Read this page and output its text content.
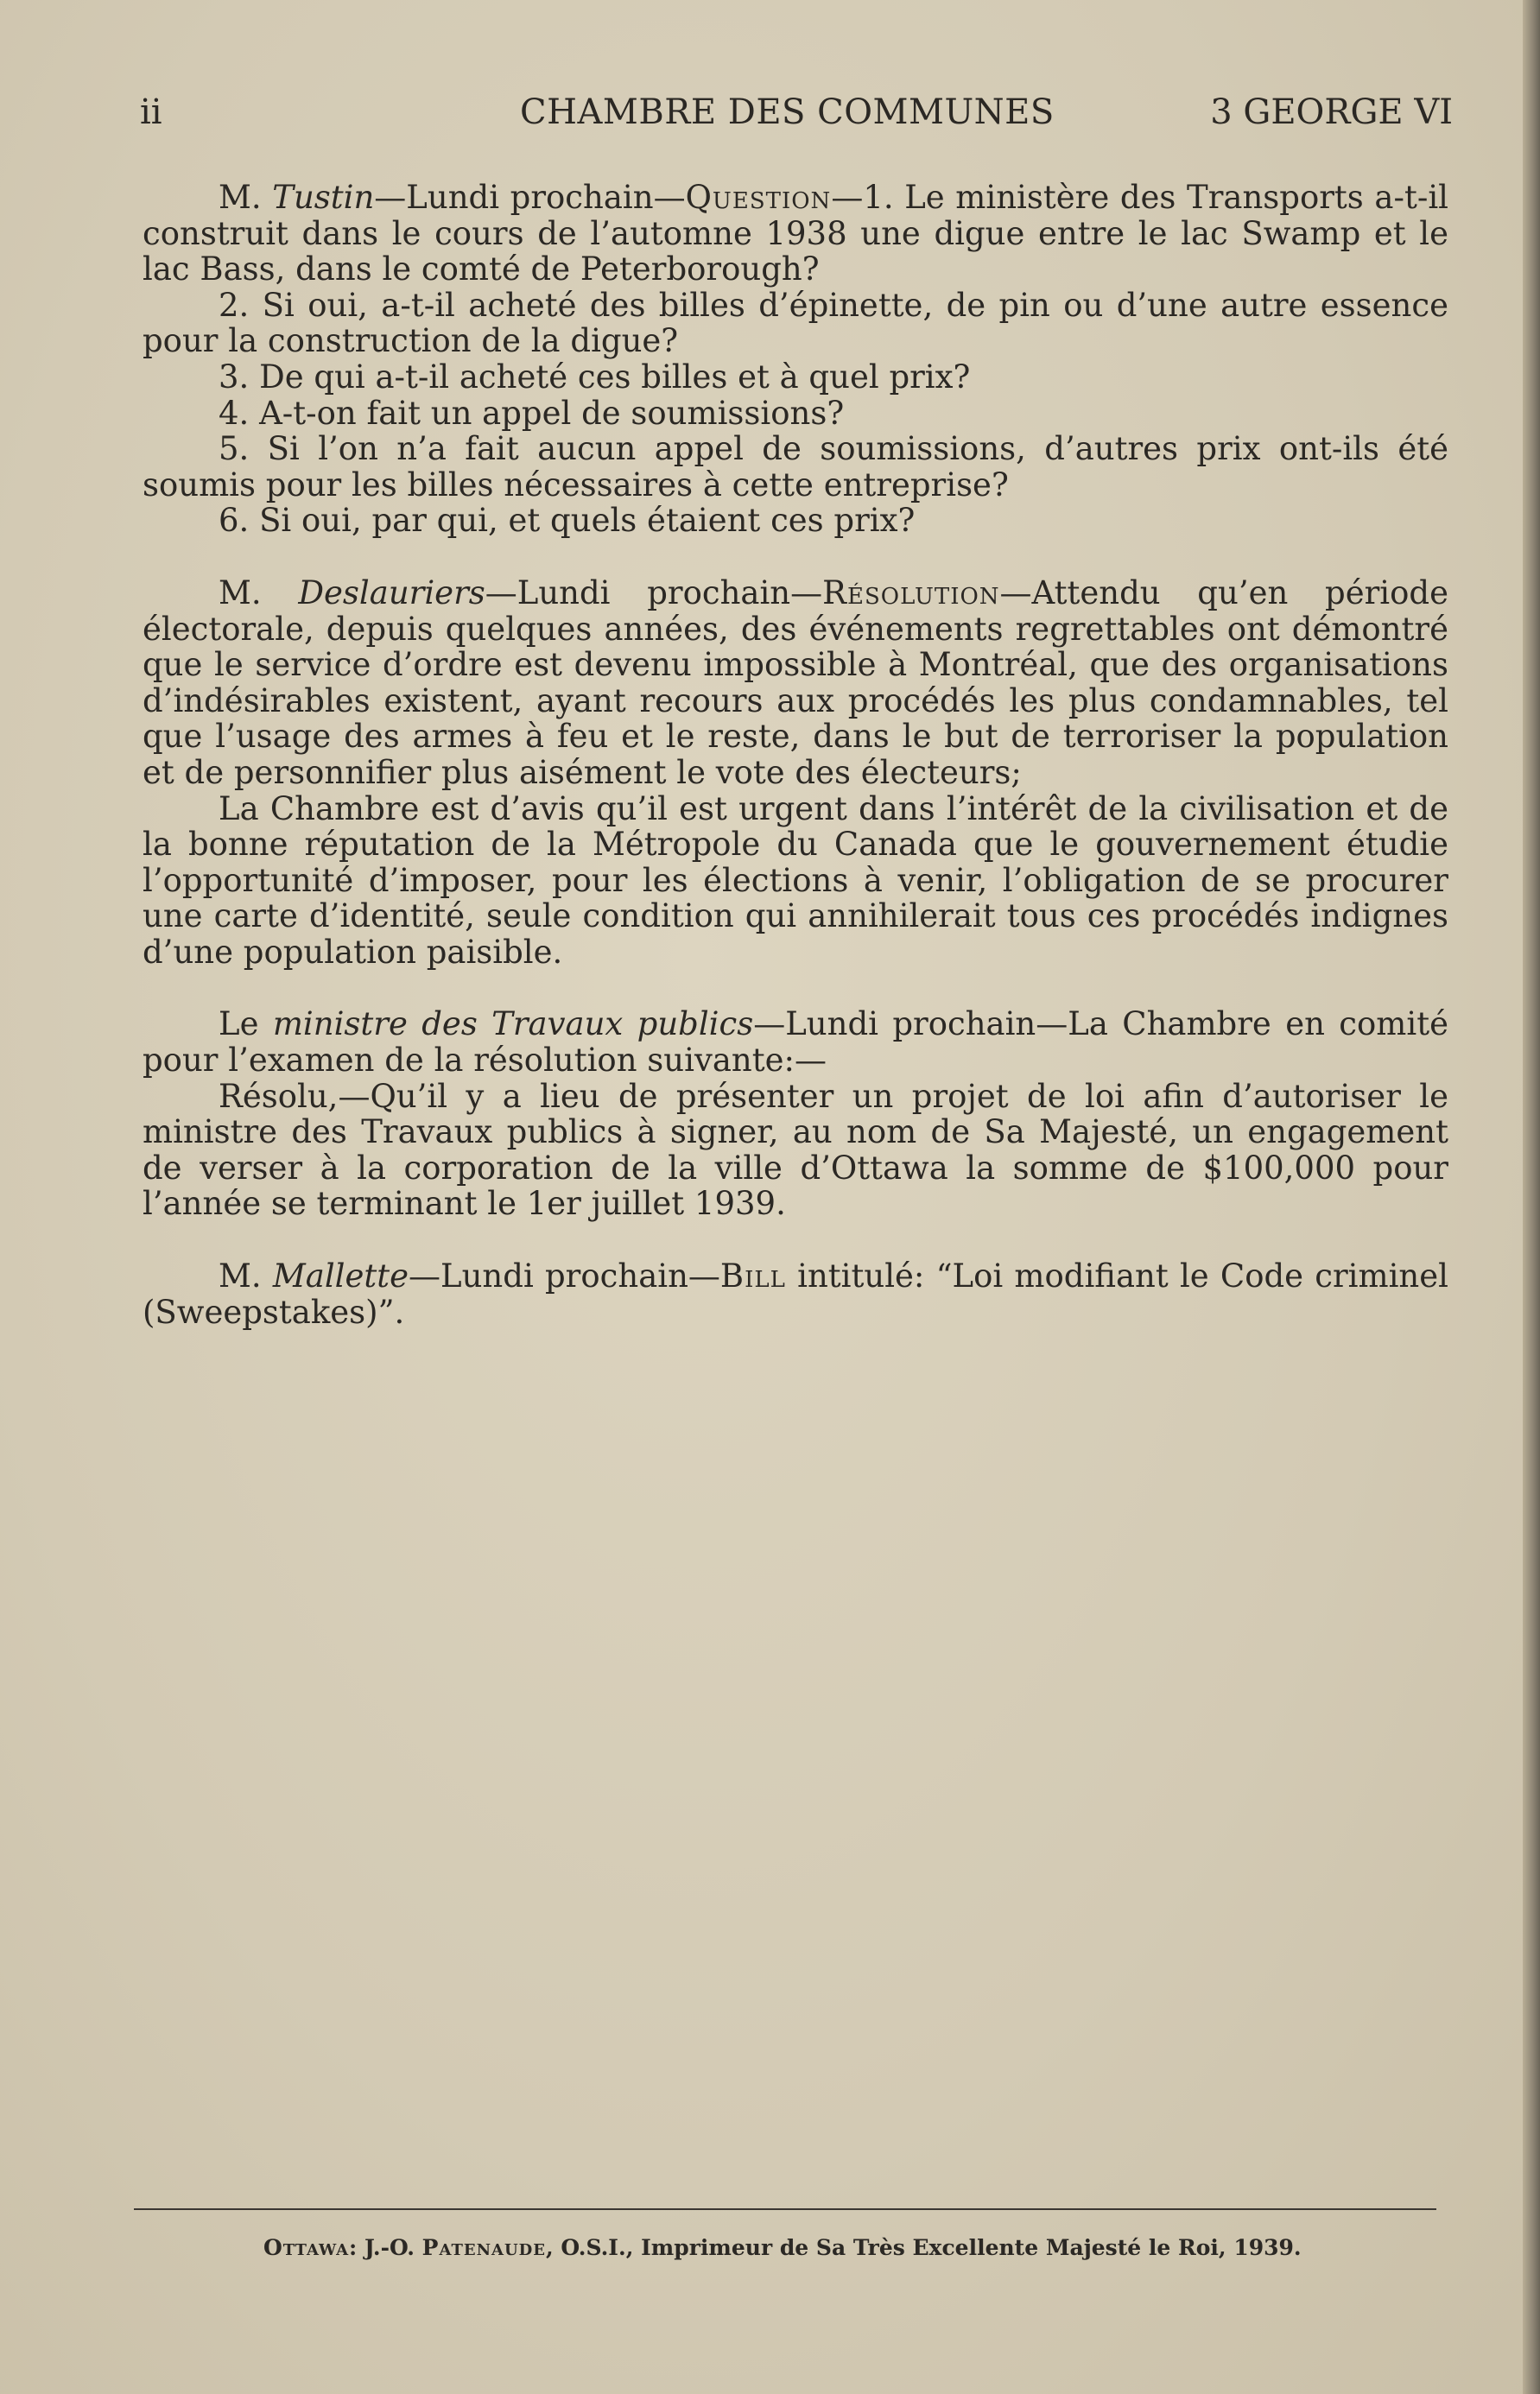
ii	CHAMBRE DES COMMUNES	3 GEORGE VI

M. Tustin—Lundi prochain—Question—1. Le ministère des Transports a-t-il construit dans le cours de l’automne 1938 une digue entre le lac Swamp et le lac Bass, dans le comté de Peterborough?

2. Si oui, a-t-il acheté des billes d’épinette, de pin ou d’une autre essence pour la construction de la digue?

3. De qui a-t-il acheté ces billes et à quel prix?

4. A-t-on fait un appel de soumissions?

5. Si l’on n’a fait aucun appel de soumissions, d’autres prix ont-ils été soumis pour les billes nécessaires à cette entreprise?

6. Si oui, par qui, et quels étaient ces prix?

M. Deslauriers—Lundi prochain—Résolution—Attendu qu’en période électorale, depuis quelques années, des événements regrettables ont démontré que le service d’ordre est devenu impossible à Montréal, que des organisations d’indésirables existent, ayant recours aux procédés les plus condamnables, tel que l’usage des armes à feu et le reste, dans le but de terroriser la population et de personnifier plus aisément le vote des électeurs;

La Chambre est d’avis qu’il est urgent dans l’intérêt de la civilisation et de la bonne réputation de la Métropole du Canada que le gouvernement étudie l’opportunité d’imposer, pour les élections à venir, l’obligation de se procurer une carte d’identité, seule condition qui annihilerait tous ces procédés indignes d’une population paisible.

Le ministre des Travaux publics—Lundi prochain—La Chambre en comité pour l’examen de la résolution suivante:—

Résolu,—Qu’il y a lieu de présenter un projet de loi afin d’autoriser le ministre des Travaux publics à signer, au nom de Sa Majesté, un engagement de verser à la corporation de la ville d’Ottawa la somme de $100,000 pour l’année se terminant le 1er juillet 1939.

M. Mallette—Lundi prochain—Bill intitulé: “Loi modifiant le Code criminel (Sweepstakes)”.

Ottawa: J.-O. Patenaude, O.S.I., Imprimeur de Sa Très Excellente Majesté le Roi, 1939.
